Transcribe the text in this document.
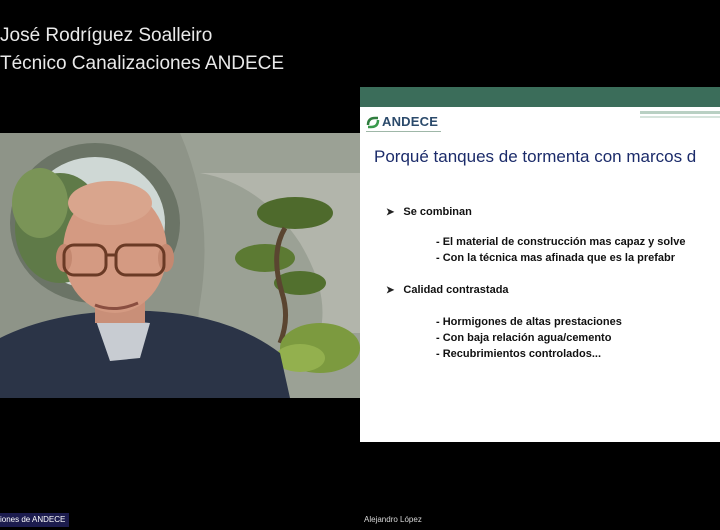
José Rodríguez Soalleiro
Técnico Canalizaciones ANDECE
ANDECE
Porqué tanques de tormenta con marcos d
➤ Se combinan
- El material de construcción mas capaz y solve
- Con la técnica mas afinada que es la prefabr
➤ Calidad contrastada
- Hormigones de altas prestaciones
- Con baja relación agua/cemento
- Recubrimientos controlados...
iones de ANDECE	Alejandro López
